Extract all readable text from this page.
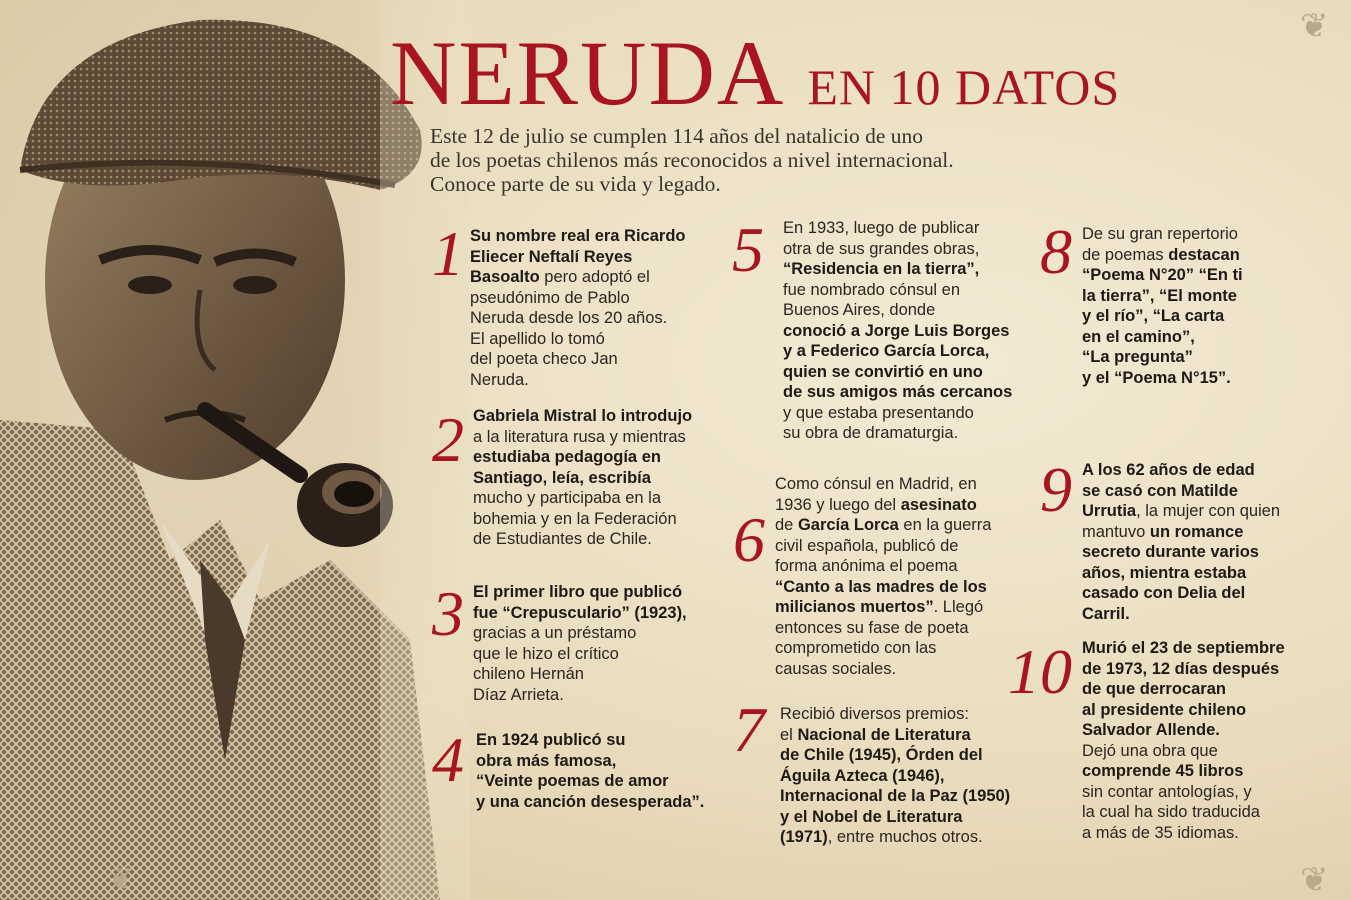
NERUDA EN 10 DATOS
Este 12 de julio se cumplen 114 años del natalicio de uno
de los poetas chilenos más reconocidos a nivel internacional.
Conoce parte de su vida y legado.
1 Su nombre real era Ricardo
Eliecer Neftalí Reyes
Basoalto pero adoptó el
pseudónimo de Pablo
Neruda desde los 20 años.
El apellido lo tomó
del poeta checo Jan
Neruda.
2 Gabriela Mistral lo introdujo
a la literatura rusa y mientras
estudiaba pedagogía en
Santiago, leía, escribía
mucho y participaba en la
bohemia y en la Federación
de Estudiantes de Chile.
3 El primer libro que publicó
fue “Crepusculario” (1923),
gracias a un préstamo
que le hizo el crítico
chileno Hernán
Díaz Arrieta.
4 En 1924 publicó su
obra más famosa,
“Veinte poemas de amor
y una canción desesperada”.
5 En 1933, luego de publicar
otra de sus grandes obras,
“Residencia en la tierra”,
fue nombrado cónsul en
Buenos Aires, donde
conoció a Jorge Luis Borges
y a Federico García Lorca,
quien se convirtió en uno
de sus amigos más cercanos
y que estaba presentando
su obra de dramaturgia.
6
Como cónsul en Madrid, en
1936 y luego del asesinato
de García Lorca en la guerra
civil española, publicó de
forma anónima el poema
“Canto a las madres de los
milicianos muertos”. Llegó
entonces su fase de poeta
comprometido con las
causas sociales.
7 Recibió diversos premios:
el Nacional de Literatura
de Chile (1945), Órden del
Águila Azteca (1946),
Internacional de la Paz (1950)
y el Nobel de Literatura
(1971), entre muchos otros.
8 De su gran repertorio
de poemas destacan
“Poema N°20” “En ti
la tierra”, “El monte
y el río”, “La carta
en el camino”,
“La pregunta”
y el “Poema N°15”.
9 A los 62 años de edad
se casó con Matilde
Urrutia, la mujer con quien
mantuvo un romance
secreto durante varios
años, mientra estaba
casado con Delia del
Carril.
10 Murió el 23 de septiembre
de 1973, 12 días después
de que derrocaran
al presidente chileno
Salvador Allende.
Dejó una obra que
comprende 45 libros
sin contar antologías, y
la cual ha sido traducida
a más de 35 idiomas.
❦
❦
❦
